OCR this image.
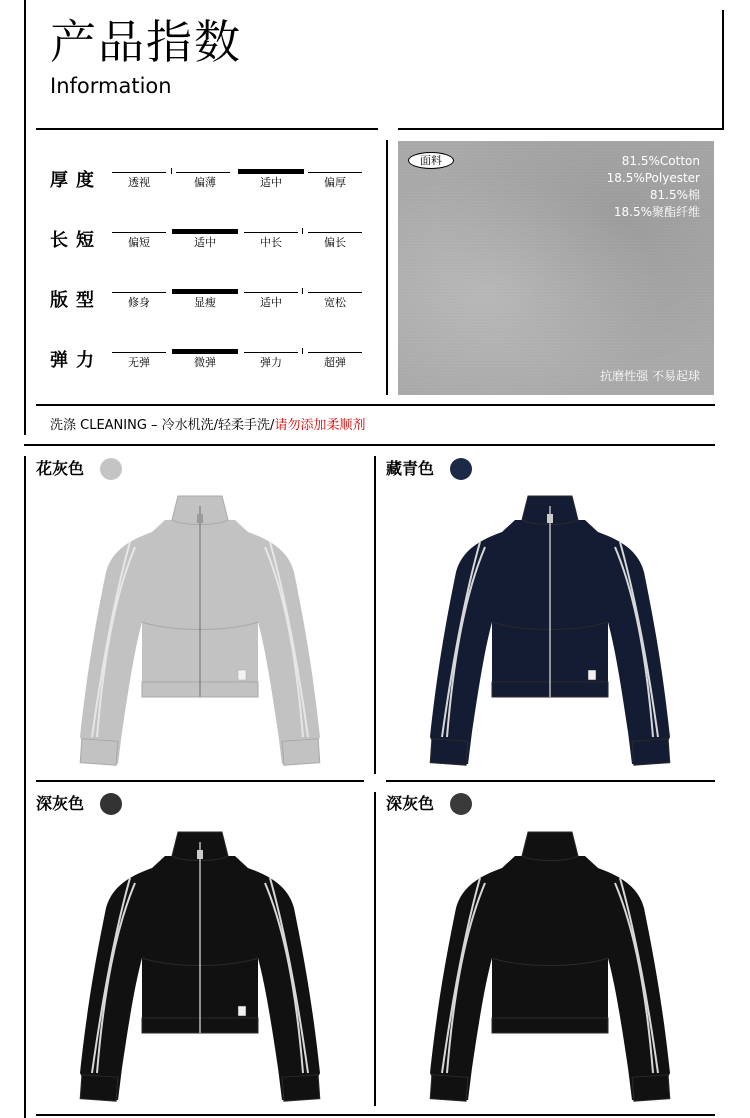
产品指数
Information
厚度	透视	偏薄	适中	偏厚
长短	偏短	适中	中长	偏长
版型	修身	显瘦	适中	宽松
弹力	无弹	微弹	弹力	超弹
面料	81.5%Cotton
18.5%Polyester
81.5%棉
18.5%聚酯纤维
抗磨性强 不易起球
洗涤 CLEANING – 冷水机洗/轻柔手洗/请勿添加柔顺剂
花灰色	藏青色
深灰色	深灰色
